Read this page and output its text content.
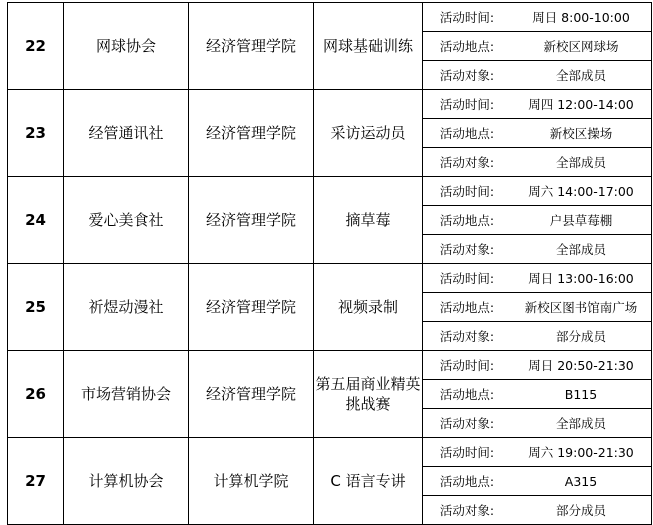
22	网球协会	经济管理学院	网球基础训练	
活动时间:	周日 8:00-10:00
活动地点:	新校区网球场
活动对象:	全部成员

23	经管通讯社	经济管理学院	采访运动员	
活动时间:	周四 12:00-14:00
活动地点:	新校区操场
活动对象:	全部成员

24	爱心美食社	经济管理学院	摘草莓	
活动时间:	周六 14:00-17:00
活动地点:	户县草莓棚
活动对象:	全部成员

25	祈煜动漫社	经济管理学院	视频录制	
活动时间:	周日 13:00-16:00
活动地点:	新校区图书馆南广场
活动对象:	部分成员

26	市场营销协会	经济管理学院	第五届商业精英挑战赛	
活动时间:	周日 20:50-21:30
活动地点:	B115
活动对象:	全部成员

27	计算机协会	计算机学院	C 语言专讲	
活动时间:	周六 19:00-21:30
活动地点:	A315
活动对象:	部分成员
